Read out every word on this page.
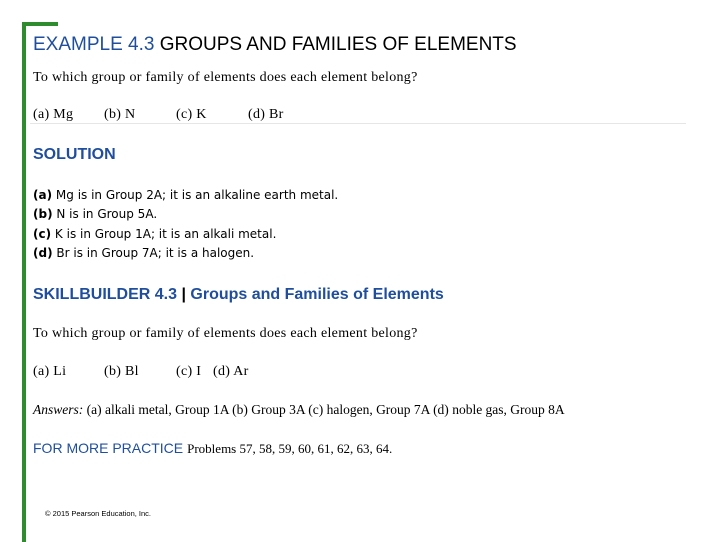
EXAMPLE 4.3 GROUPS AND FAMILIES OF ELEMENTS
To which group or family of elements does each element belong?
(a) Mg (b) N	(c) K	(d) Br
SOLUTION
(a) Mg is in Group 2A; it is an alkaline earth metal.
(b) N is in Group 5A.
(c) K is in Group 1A; it is an alkali metal.
(d) Br is in Group 7A; it is a halogen.
SKILLBUILDER 4.3 | Groups and Families of Elements
To which group or family of elements does each element belong?
(a) Li	(b) Bl	(c) I (d) Ar
Answers: (a) alkali metal, Group 1A (b) Group 3A (c) halogen, Group 7A (d) noble gas, Group 8A
FOR MORE PRACTICE Problems 57, 58, 59, 60, 61, 62, 63, 64.
© 2015 Pearson Education, Inc.
